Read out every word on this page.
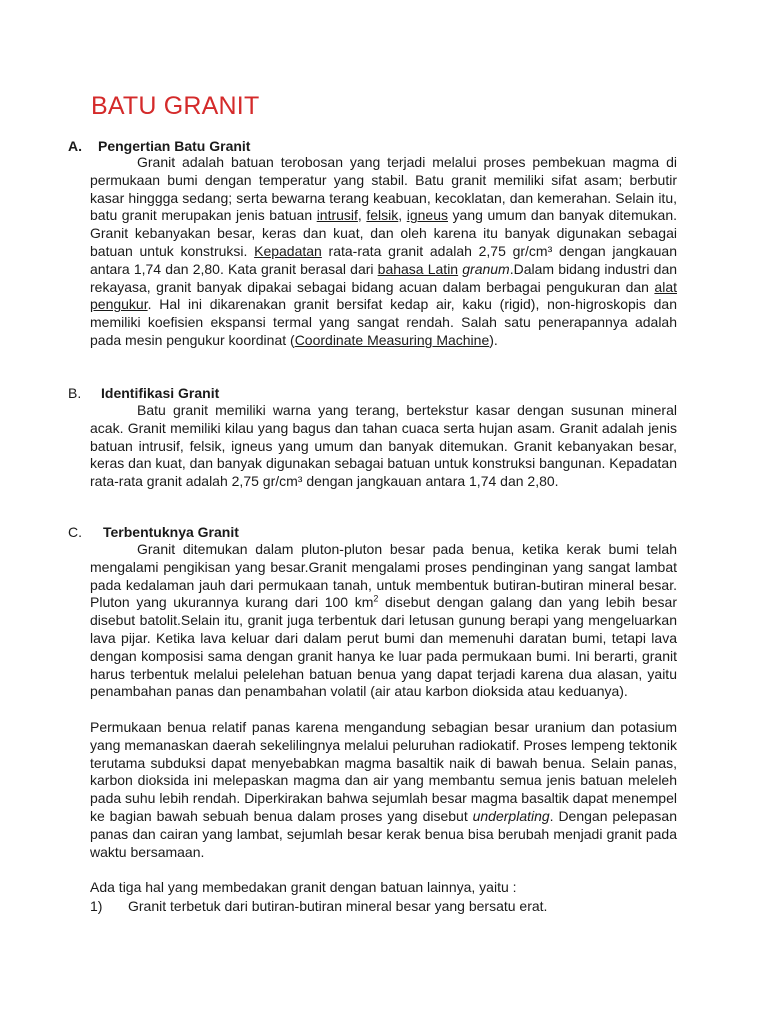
BATU GRANIT

A. Pengertian Batu Granit

Granit adalah batuan terobosan yang terjadi melalui proses pembekuan magma di permukaan bumi dengan temperatur yang stabil. Batu granit memiliki sifat asam; berbutir kasar hinggga sedang; serta bewarna terang keabuan, kecoklatan, dan kemerahan. Selain itu, batu granit merupakan jenis batuan intrusif, felsik, igneus yang umum dan banyak ditemukan. Granit kebanyakan besar, keras dan kuat, dan oleh karena itu banyak digunakan sebagai batuan untuk konstruksi. Kepadatan rata-rata granit adalah 2,75 gr/cm³ dengan jangkauan antara 1,74 dan 2,80. Kata granit berasal dari bahasa Latin granum.Dalam bidang industri dan rekayasa, granit banyak dipakai sebagai bidang acuan dalam berbagai pengukuran dan alat pengukur. Hal ini dikarenakan granit bersifat kedap air, kaku (rigid), non-higroskopis dan memiliki koefisien ekspansi termal yang sangat rendah. Salah satu penerapannya adalah pada mesin pengukur koordinat (Coordinate Measuring Machine).

B. Identifikasi Granit

Batu granit memiliki warna yang terang, bertekstur kasar dengan susunan mineral acak. Granit memiliki kilau yang bagus dan tahan cuaca serta hujan asam. Granit adalah jenis batuan intrusif, felsik, igneus yang umum dan banyak ditemukan. Granit kebanyakan besar, keras dan kuat, dan banyak digunakan sebagai batuan untuk konstruksi bangunan. Kepadatan rata-rata granit adalah 2,75 gr/cm³ dengan jangkauan antara 1,74 dan 2,80.

C. Terbentuknya Granit

Granit ditemukan dalam pluton-pluton besar pada benua, ketika kerak bumi telah mengalami pengikisan yang besar.Granit mengalami proses pendinginan yang sangat lambat pada kedalaman jauh dari permukaan tanah, untuk membentuk butiran-butiran mineral besar. Pluton yang ukurannya kurang dari 100 $km^2$ disebut dengan galang dan yang lebih besar disebut batolit.Selain itu, granit juga terbentuk dari letusan gunung berapi yang mengeluarkan lava pijar. Ketika lava keluar dari dalam perut bumi dan memenuhi daratan bumi, tetapi lava dengan komposisi sama dengan granit hanya ke luar pada permukaan bumi. Ini berarti, granit harus terbentuk melalui pelelehan batuan benua yang dapat terjadi karena dua alasan, yaitu penambahan panas dan penambahan volatil (air atau karbon dioksida atau keduanya).

Permukaan benua relatif panas karena mengandung sebagian besar uranium dan potasium yang memanaskan daerah sekelilingnya melalui peluruhan radiokatif. Proses lempeng tektonik terutama subduksi dapat menyebabkan magma basaltik naik di bawah benua. Selain panas, karbon dioksida ini melepaskan magma dan air yang membantu semua jenis batuan meleleh pada suhu lebih rendah. Diperkirakan bahwa sejumlah besar magma basaltik dapat menempel ke bagian bawah sebuah benua dalam proses yang disebut underplating. Dengan pelepasan panas dan cairan yang lambat, sejumlah besar kerak benua bisa berubah menjadi granit pada waktu bersamaan.

Ada tiga hal yang membedakan granit dengan batuan lainnya, yaitu :

1) Granit terbetuk dari butiran-butiran mineral besar yang bersatu erat.
